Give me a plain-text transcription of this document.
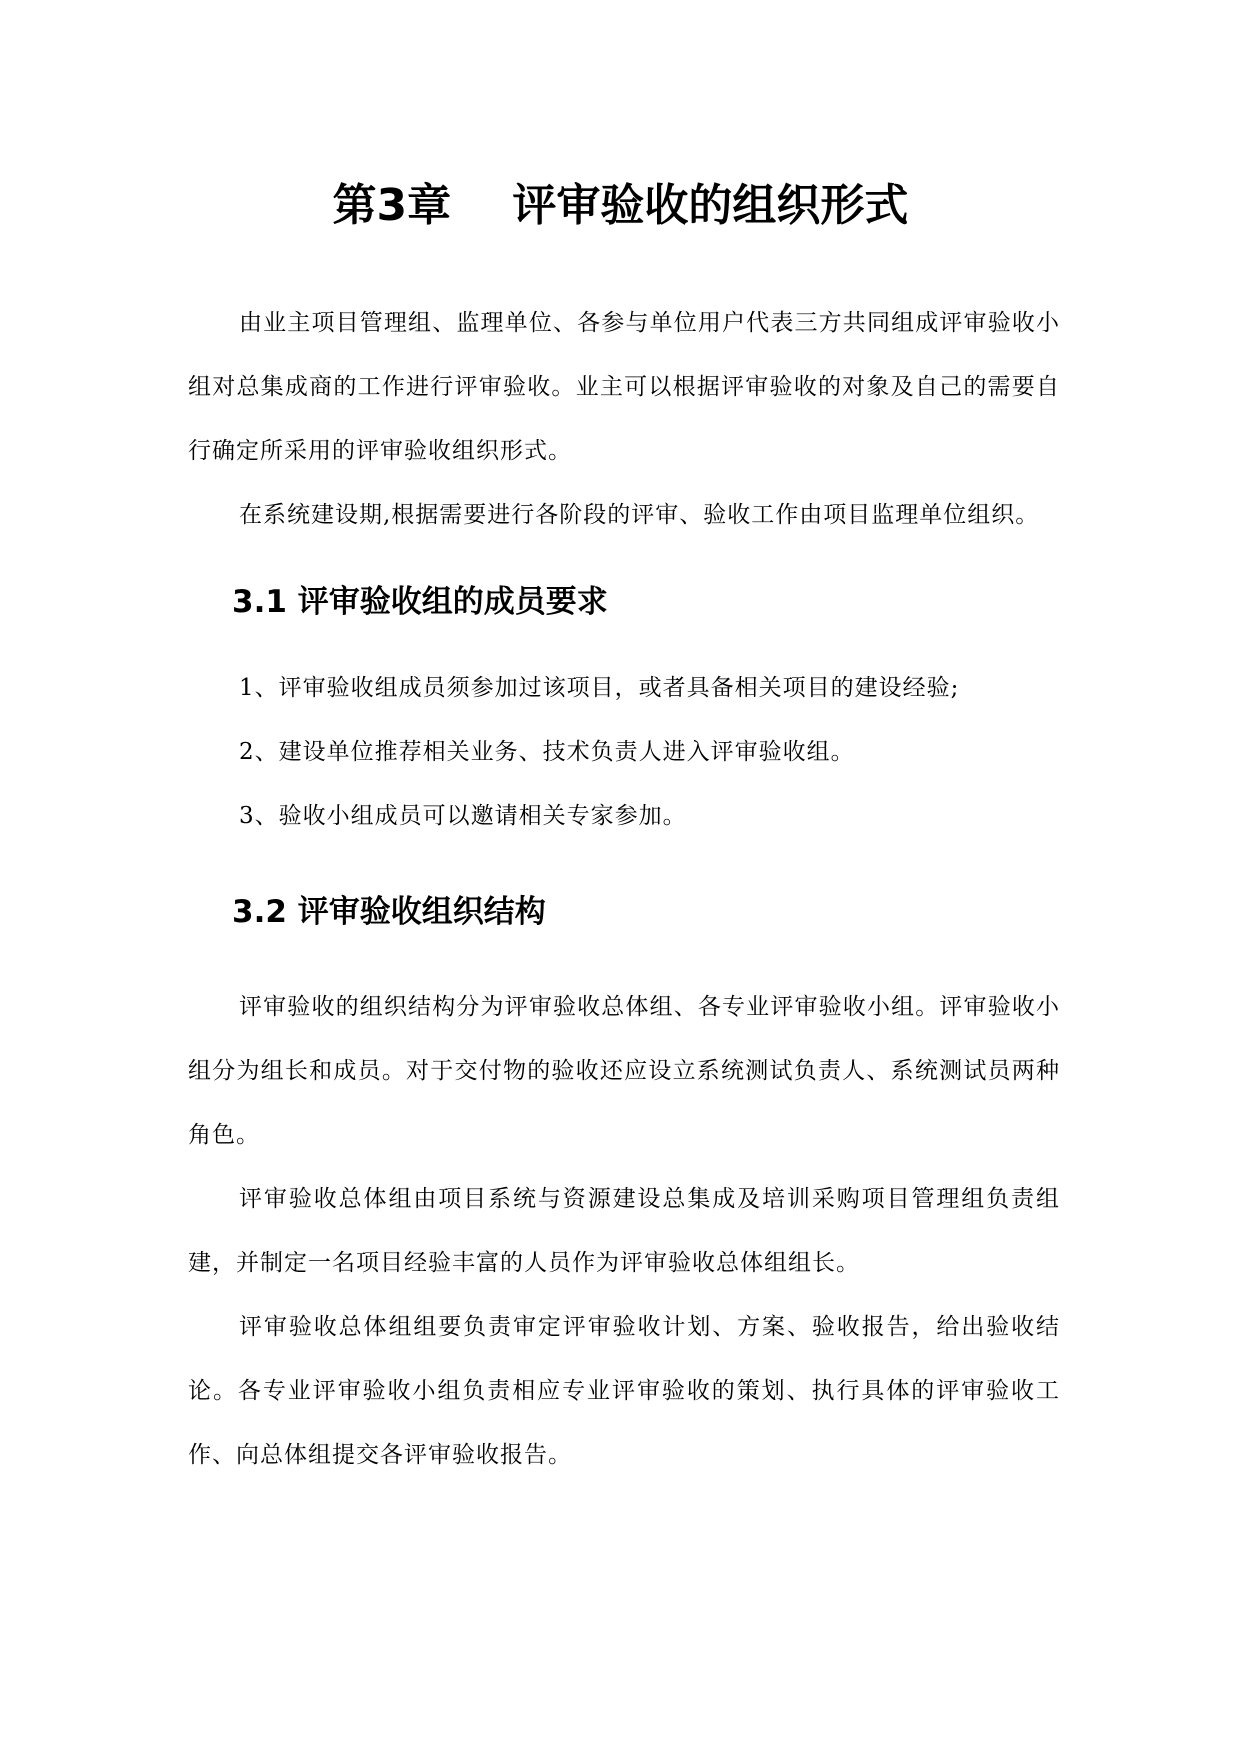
第3章    评审验收的组织形式

由业主项目管理组、监理单位、各参与单位用户代表三方共同组成评审验收小组对总集成商的工作进行评审验收。业主可以根据评审验收的对象及自己的需要自行确定所采用的评审验收组织形式。

在系统建设期,根据需要进行各阶段的评审、验收工作由项目监理单位组织。

3.1 评审验收组的成员要求
1、评审验收组成员须参加过该项目，或者具备相关项目的建设经验;
2、建设单位推荐相关业务、技术负责人进入评审验收组。
3、验收小组成员可以邀请相关专家参加。
3.2 评审验收组织结构

评审验收的组织结构分为评审验收总体组、各专业评审验收小组。评审验收小组分为组长和成员。对于交付物的验收还应设立系统测试负责人、系统测试员两种角色。

评审验收总体组由项目系统与资源建设总集成及培训采购项目管理组负责组建，并制定一名项目经验丰富的人员作为评审验收总体组组长。

评审验收总体组组要负责审定评审验收计划、方案、验收报告，给出验收结论。各专业评审验收小组负责相应专业评审验收的策划、执行具体的评审验收工作、向总体组提交各评审验收报告。
